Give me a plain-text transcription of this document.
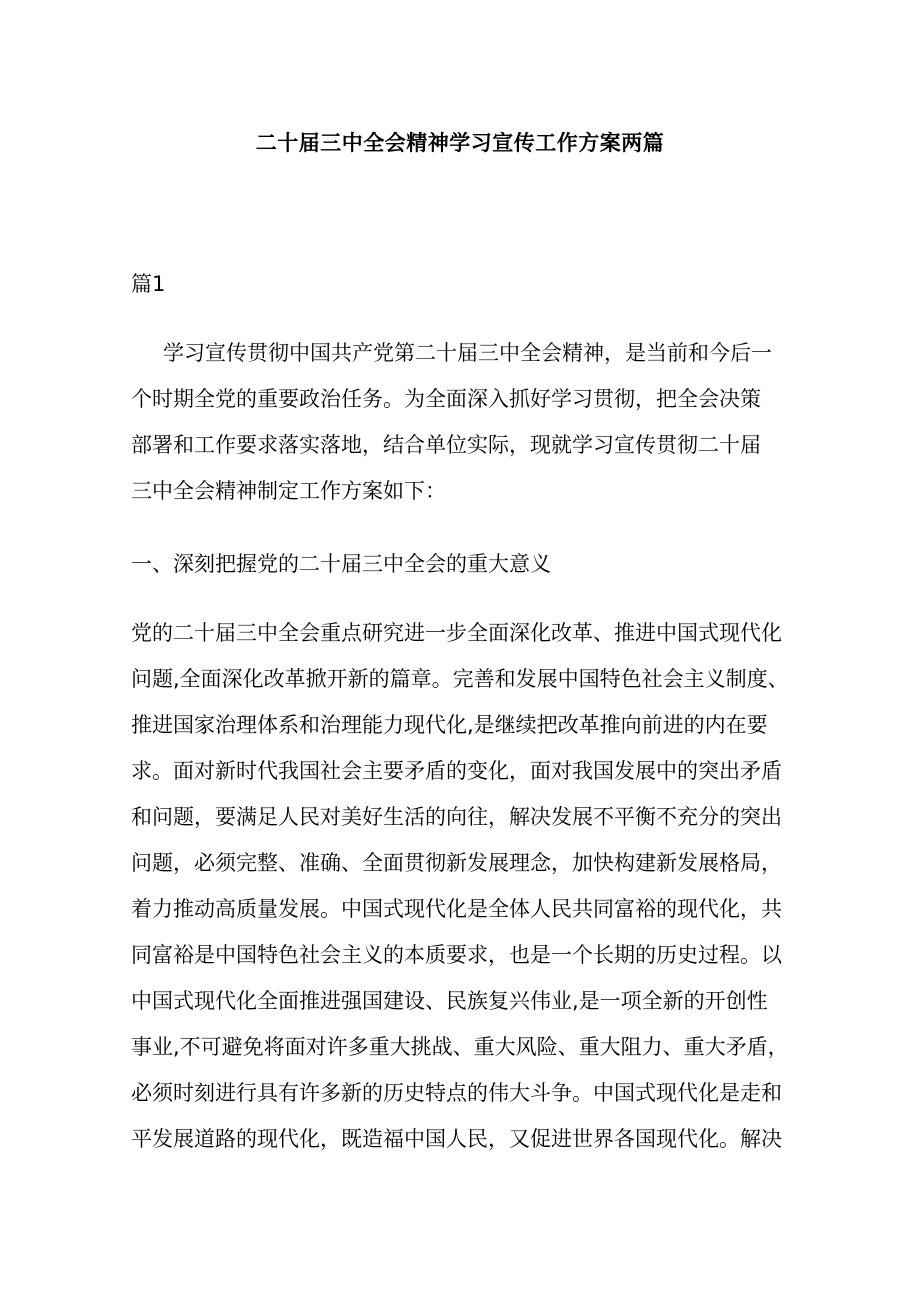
二十届三中全会精神学习宣传工作方案两篇
篇1
学习宣传贯彻中国共产党第二十届三中全会精神，是当前和今后一
个时期全党的重要政治任务。为全面深入抓好学习贯彻，把全会决策
部署和工作要求落实落地，结合单位实际，现就学习宣传贯彻二十届
三中全会精神制定工作方案如下：
一、深刻把握党的二十届三中全会的重大意义
党的二十届三中全会重点研究进一步全面深化改革、推进中国式现代化
问题,全面深化改革掀开新的篇章。完善和发展中国特色社会主义制度、
推进国家治理体系和治理能力现代化,是继续把改革推向前进的内在要
求。面对新时代我国社会主要矛盾的变化，面对我国发展中的突出矛盾
和问题，要满足人民对美好生活的向往，解决发展不平衡不充分的突出
问题，必须完整、准确、全面贯彻新发展理念，加快构建新发展格局，
着力推动高质量发展。中国式现代化是全体人民共同富裕的现代化，共
同富裕是中国特色社会主义的本质要求，也是一个长期的历史过程。以
中国式现代化全面推进强国建设、民族复兴伟业,是一项全新的开创性
事业,不可避免将面对许多重大挑战、重大风险、重大阻力、重大矛盾，
必须时刻进行具有许多新的历史特点的伟大斗争。中国式现代化是走和
平发展道路的现代化，既造福中国人民，又促进世界各国现代化。解决
